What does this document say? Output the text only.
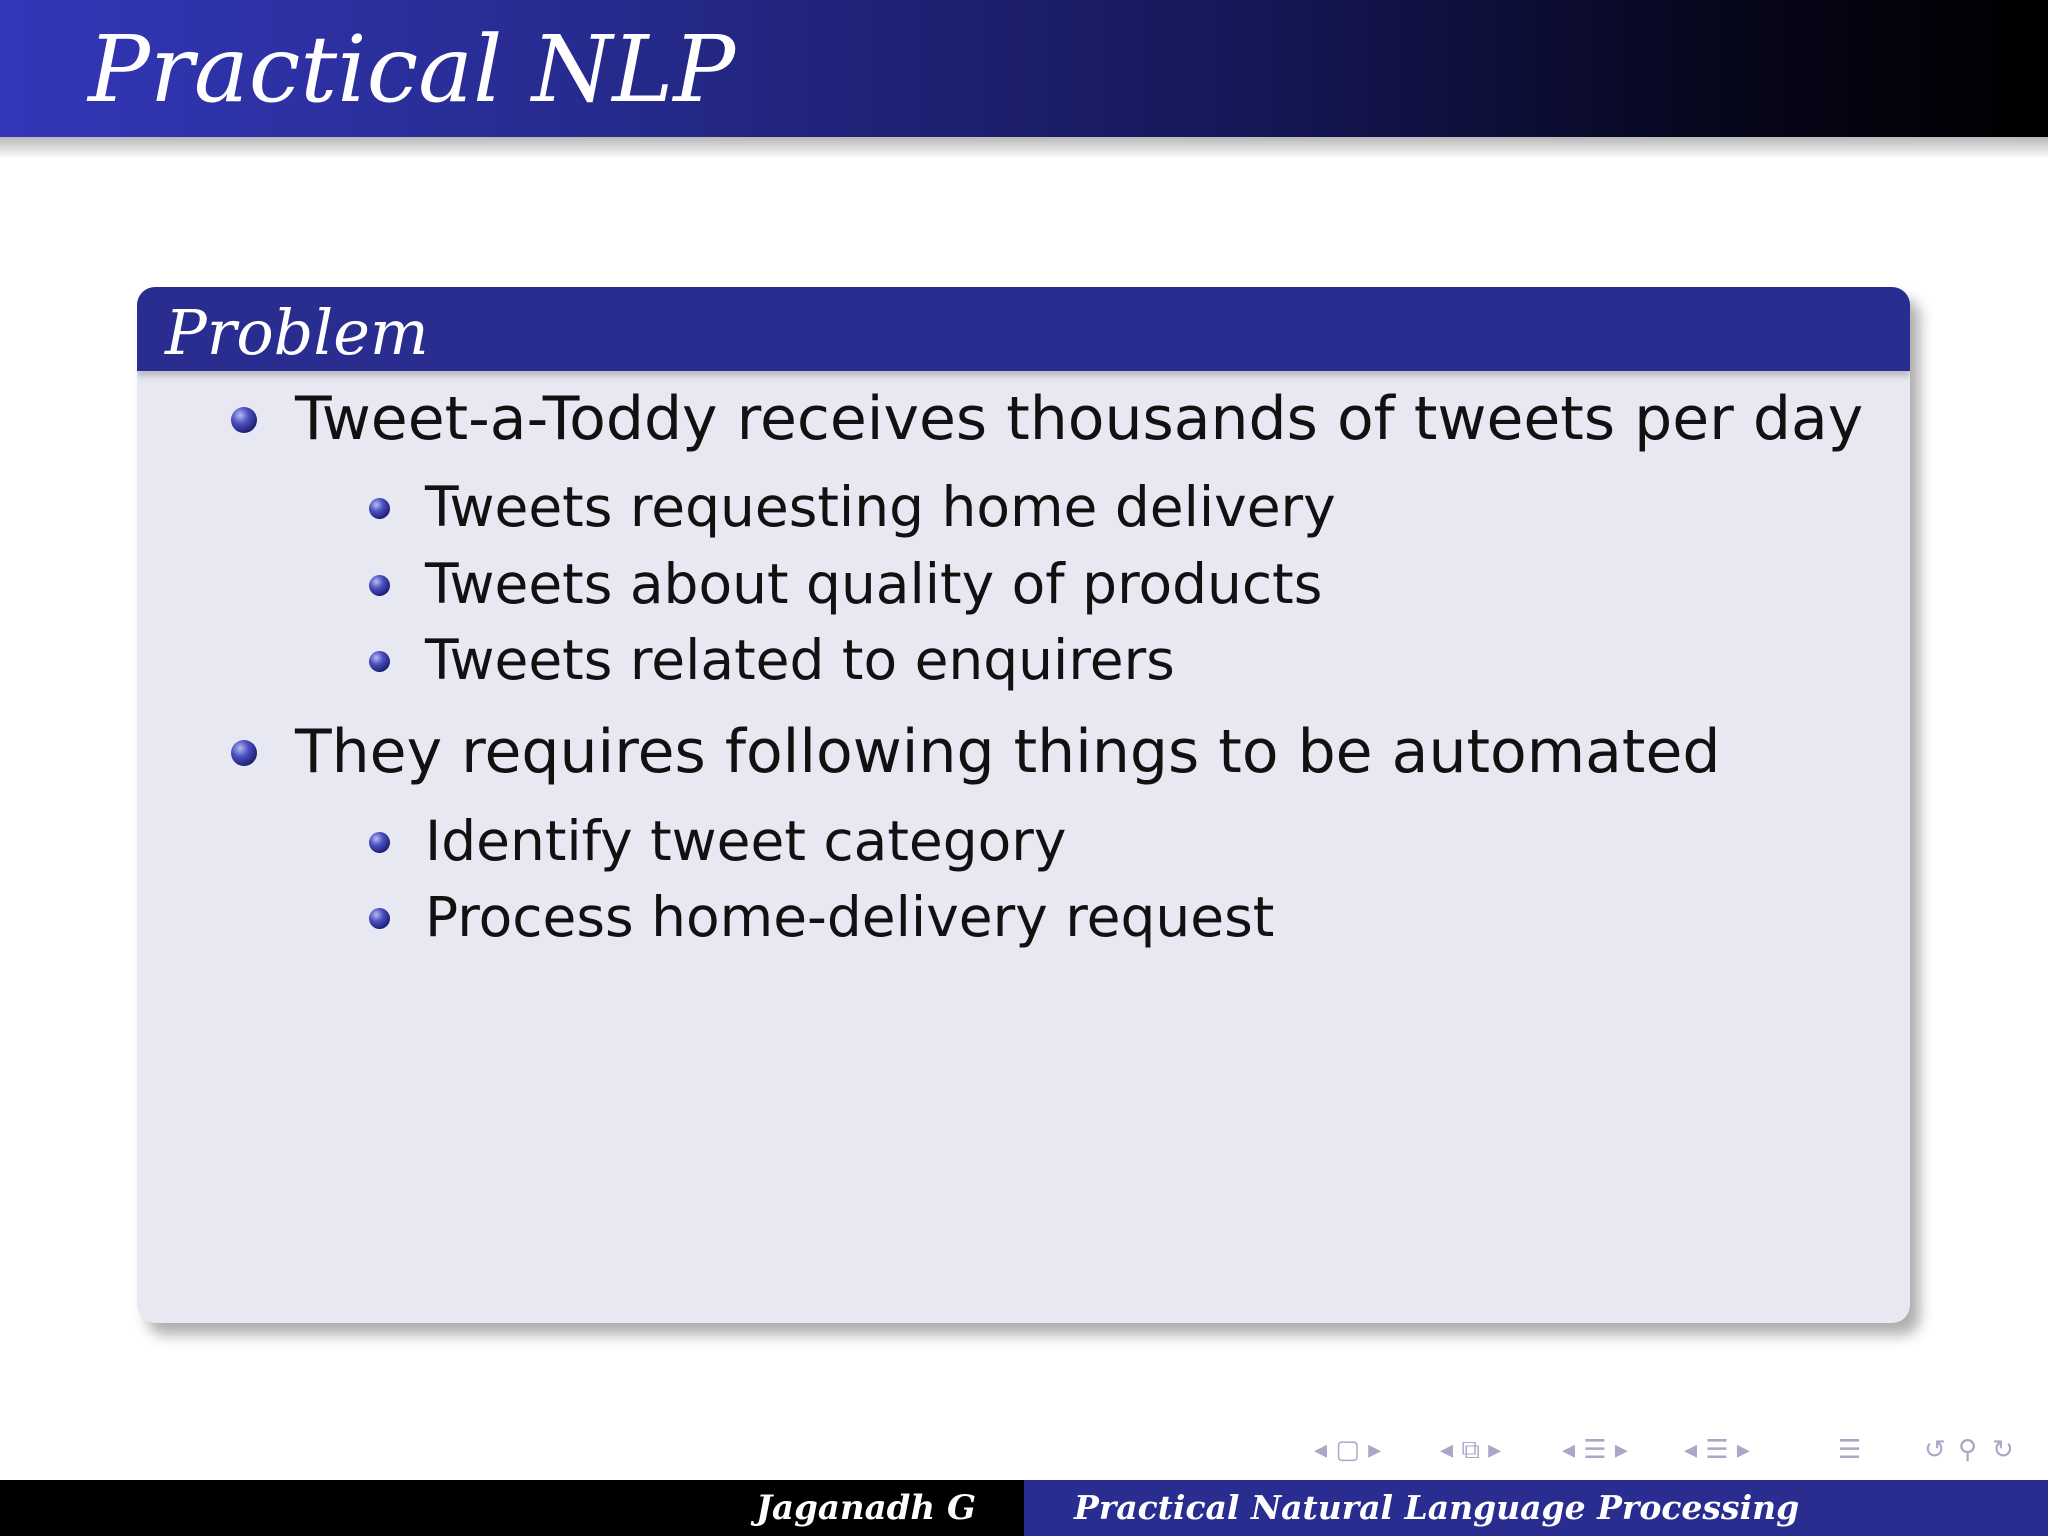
Practical NLP
Problem
Tweet-a-Toddy receives thousands of tweets per day
Tweets requesting home delivery
Tweets about quality of products
Tweets related to enquirers
They requires following things to be automated
Identify tweet category
Process home-delivery request
◂ ▢ ▸ ◂ ⧉ ▸ ◂ ☰ ▸ ◂ ☰ ▸	☰ ↺ ⚲ ↻
Jaganadh G	Practical Natural Language Processing
